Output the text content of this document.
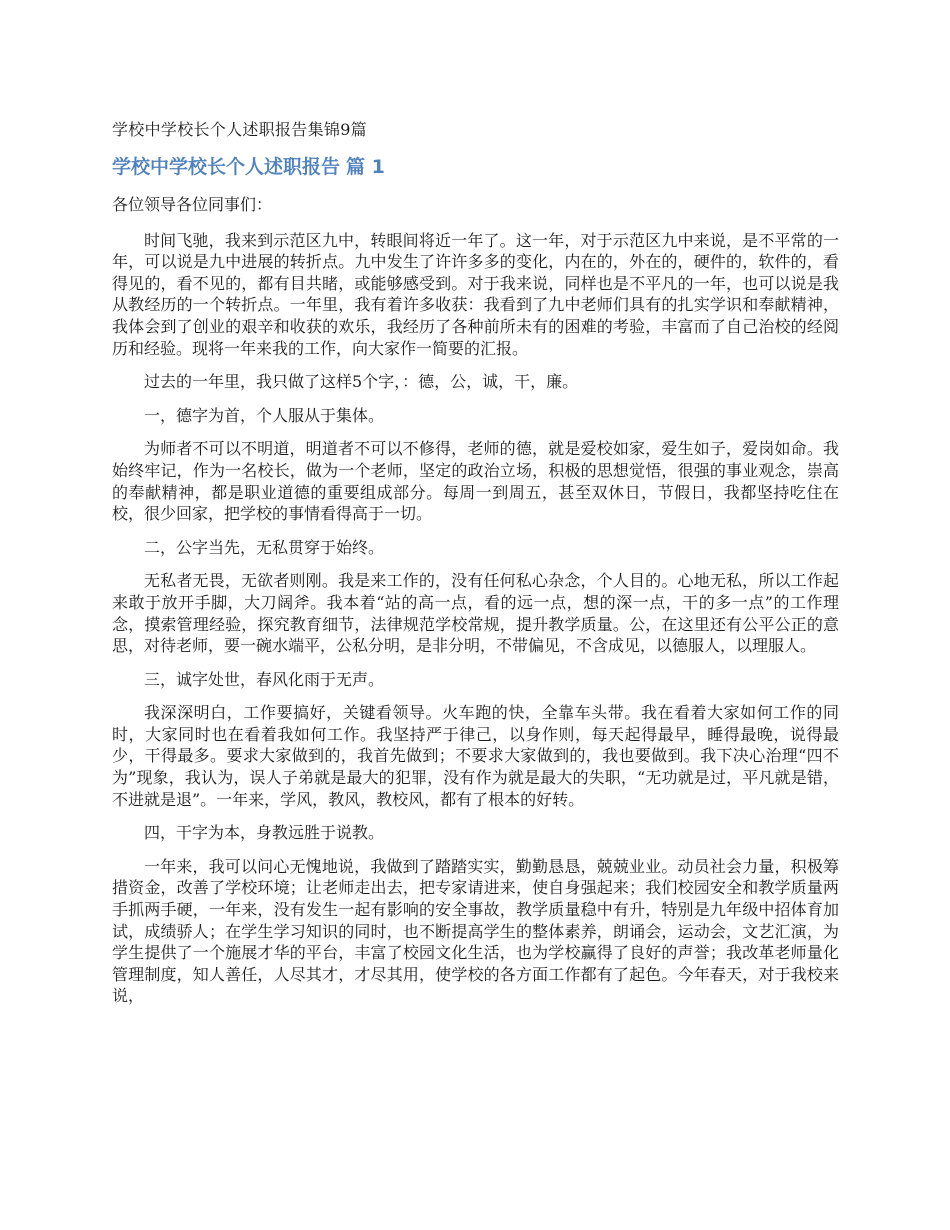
学校中学校长个人述职报告集锦9篇
学校中学校长个人述职报告 篇 1

各位领导各位同事们：

时间飞驰，我来到示范区九中，转眼间将近一年了。这一年，对于示范区九中来说，是不平常的一年，可以说是九中进展的转折点。九中发生了许许多多的变化，内在的，外在的，硬件的，软件的，看得见的，看不见的，都有目共睹，或能够感受到。对于我来说，同样也是不平凡的一年，也可以说是我从教经历的一个转折点。一年里，我有着许多收获：我看到了九中老师们具有的扎实学识和奉献精神，我体会到了创业的艰辛和收获的欢乐，我经历了各种前所未有的困难的考验，丰富而了自己治校的经阅历和经验。现将一年来我的工作，向大家作一简要的汇报。

过去的一年里，我只做了这样5个字，：德，公，诚，干，廉。

一，德字为首，个人服从于集体。

为师者不可以不明道，明道者不可以不修得，老师的德，就是爱校如家，爱生如子，爱岗如命。我始终牢记，作为一名校长，做为一个老师，坚定的政治立场，积极的思想觉悟，很强的事业观念，崇高的奉献精神，都是职业道德的重要组成部分。每周一到周五，甚至双休日，节假日，我都坚持吃住在校，很少回家，把学校的事情看得高于一切。

二，公字当先，无私贯穿于始终。

无私者无畏，无欲者则刚。我是来工作的，没有任何私心杂念，个人目的。心地无私，所以工作起来敢于放开手脚，大刀阔斧。我本着“站的高一点，看的远一点，想的深一点，干的多一点”的工作理念，摸索管理经验，探究教育细节，法律规范学校常规，提升教学质量。公，在这里还有公平公正的意思，对待老师，要一碗水端平，公私分明，是非分明，不带偏见，不含成见，以德服人，以理服人。

三，诚字处世，春风化雨于无声。

我深深明白，工作要搞好，关键看领导。火车跑的快，全靠车头带。我在看着大家如何工作的同时，大家同时也在看着我如何工作。我坚持严于律己，以身作则，每天起得最早，睡得最晚，说得最少，干得最多。要求大家做到的，我首先做到；不要求大家做到的，我也要做到。我下决心治理“四不为”现象，我认为，误人子弟就是最大的犯罪，没有作为就是最大的失职，“无功就是过，平凡就是错，不进就是退”。一年来，学风，教风，教校风，都有了根本的好转。

四，干字为本，身教远胜于说教。

一年来，我可以问心无愧地说，我做到了踏踏实实，勤勤恳恳，兢兢业业。动员社会力量，积极筹措资金，改善了学校环境；让老师走出去，把专家请进来，使自身强起来；我们校园安全和教学质量两手抓两手硬，一年来，没有发生一起有影响的安全事故，教学质量稳中有升，特别是九年级中招体育加试，成绩骄人；在学生学习知识的同时，也不断提高学生的整体素养，朗诵会，运动会，文艺汇演，为学生提供了一个施展才华的平台，丰富了校园文化生活，也为学校赢得了良好的声誉；我改革老师量化管理制度，知人善任，人尽其才，才尽其用，使学校的各方面工作都有了起色。今年春天，对于我校来说，
